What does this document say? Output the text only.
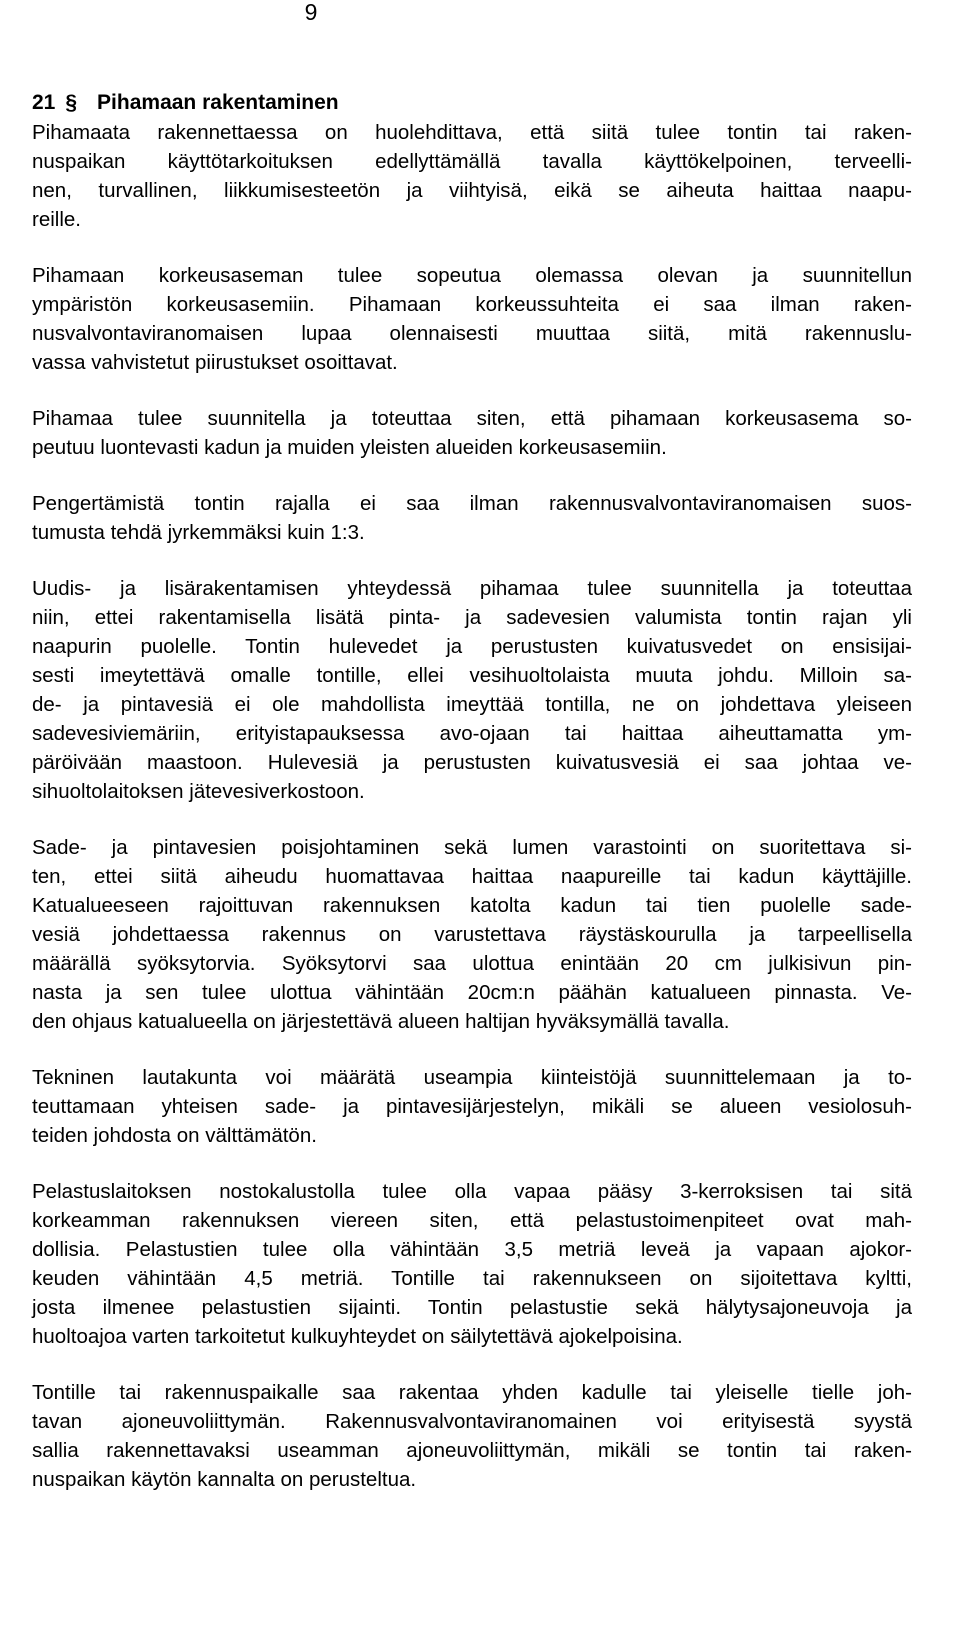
9
21 § Pihamaan rakentaminen
Pihamaata rakennettaessa on huolehdittava, että siitä tulee tontin tai raken-
nuspaikan käyttötarkoituksen edellyttämällä tavalla käyttökelpoinen, terveelli-
nen, turvallinen, liikkumisesteetön ja viihtyisä, eikä se aiheuta haittaa naapu-
reille.
Pihamaan korkeusaseman tulee sopeutua olemassa olevan ja suunnitellun
ympäristön korkeusasemiin. Pihamaan korkeussuhteita ei saa ilman raken-
nusvalvontaviranomaisen lupaa olennaisesti muuttaa siitä, mitä rakennuslu-
vassa vahvistetut piirustukset osoittavat.
Pihamaa tulee suunnitella ja toteuttaa siten, että pihamaan korkeusasema so-
peutuu luontevasti kadun ja muiden yleisten alueiden korkeusasemiin.
Pengertämistä tontin rajalla ei saa ilman rakennusvalvontaviranomaisen suos-
tumusta tehdä jyrkemmäksi kuin 1:3.
Uudis- ja lisärakentamisen yhteydessä pihamaa tulee suunnitella ja toteuttaa
niin, ettei rakentamisella lisätä pinta- ja sadevesien valumista tontin rajan yli
naapurin puolelle. Tontin hulevedet ja perustusten kuivatusvedet on ensisijai-
sesti imeytettävä omalle tontille, ellei vesihuoltolaista muuta johdu. Milloin sa-
de- ja pintavesiä ei ole mahdollista imeyttää tontilla, ne on johdettava yleiseen
sadevesiviemäriin, erityistapauksessa avo-ojaan tai haittaa aiheuttamatta ym-
päröivään maastoon. Hulevesiä ja perustusten kuivatusvesiä ei saa johtaa ve-
sihuoltolaitoksen jätevesiverkostoon.
Sade- ja pintavesien poisjohtaminen sekä lumen varastointi on suoritettava si-
ten, ettei siitä aiheudu huomattavaa haittaa naapureille tai kadun käyttäjille.
Katualueeseen rajoittuvan rakennuksen katolta kadun tai tien puolelle sade-
vesiä johdettaessa rakennus on varustettava räystäskourulla ja tarpeellisella
määrällä syöksytorvia. Syöksytorvi saa ulottua enintään 20 cm julkisivun pin-
nasta ja sen tulee ulottua vähintään 20cm:n päähän katualueen pinnasta. Ve-
den ohjaus katualueella on järjestettävä alueen haltijan hyväksymällä tavalla.
Tekninen lautakunta voi määrätä useampia kiinteistöjä suunnittelemaan ja to-
teuttamaan yhteisen sade- ja pintavesijärjestelyn, mikäli se alueen vesiolosuh-
teiden johdosta on välttämätön.
Pelastuslaitoksen nostokalustolla tulee olla vapaa pääsy 3-kerroksisen tai sitä
korkeamman rakennuksen viereen siten, että pelastustoimenpiteet ovat mah-
dollisia. Pelastustien tulee olla vähintään 3,5 metriä leveä ja vapaan ajokor-
keuden vähintään 4,5 metriä. Tontille tai rakennukseen on sijoitettava kyltti,
josta ilmenee pelastustien sijainti. Tontin pelastustie sekä hälytysajoneuvoja ja
huoltoajoa varten tarkoitetut kulkuyhteydet on säilytettävä ajokelpoisina.
Tontille tai rakennuspaikalle saa rakentaa yhden kadulle tai yleiselle tielle joh-
tavan ajoneuvoliittymän. Rakennusvalvontaviranomainen voi erityisestä syystä
sallia rakennettavaksi useamman ajoneuvoliittymän, mikäli se tontin tai raken-
nuspaikan käytön kannalta on perusteltua.
